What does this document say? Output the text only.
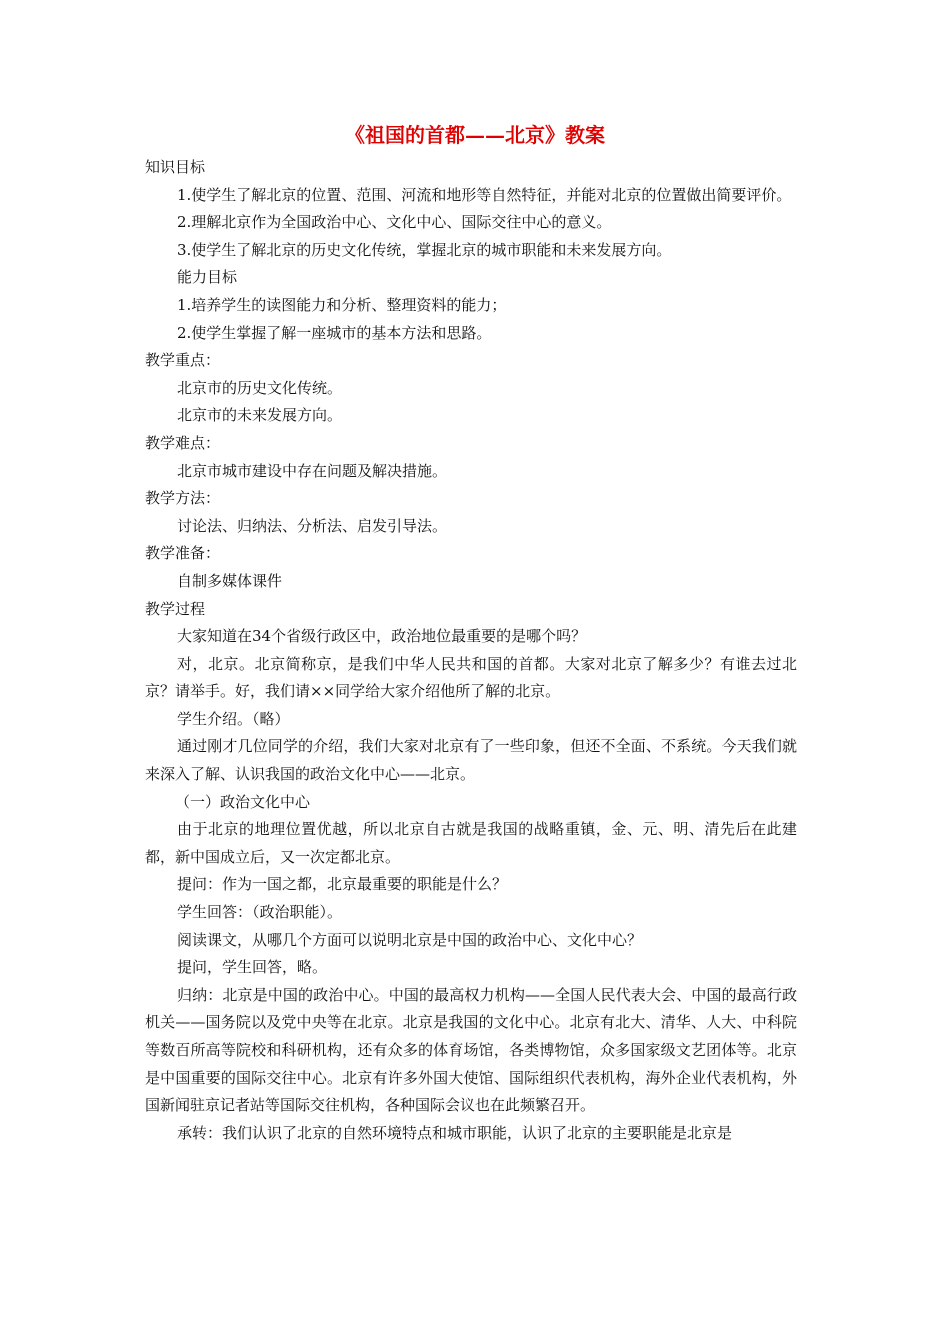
《祖国的首都——北京》教案

知识目标

1.使学生了解北京的位置、范围、河流和地形等自然特征，并能对北京的位置做出简要评价。

2.理解北京作为全国政治中心、文化中心、国际交往中心的意义。

3.使学生了解北京的历史文化传统，掌握北京的城市职能和未来发展方向。

能力目标

1.培养学生的读图能力和分析、整理资料的能力；

2.使学生掌握了解一座城市的基本方法和思路。

教学重点：

北京市的历史文化传统。

北京市的未来发展方向。

教学难点：

北京市城市建设中存在问题及解决措施。

教学方法：

讨论法、归纳法、分析法、启发引导法。

教学准备：

自制多媒体课件

教学过程

大家知道在34个省级行政区中，政治地位最重要的是哪个吗？

对，北京。北京简称京，是我们中华人民共和国的首都。大家对北京了解多少？有谁去过北京？请举手。好，我们请××同学给大家介绍他所了解的北京。

学生介绍。（略）

通过刚才几位同学的介绍，我们大家对北京有了一些印象，但还不全面、不系统。今天我们就来深入了解、认识我国的政治文化中心——北京。

（一）政治文化中心

由于北京的地理位置优越，所以北京自古就是我国的战略重镇，金、元、明、清先后在此建都，新中国成立后，又一次定都北京。

提问：作为一国之都，北京最重要的职能是什么？

学生回答：（政治职能）。

阅读课文，从哪几个方面可以说明北京是中国的政治中心、文化中心？

提问，学生回答，略。

归纳：北京是中国的政治中心。中国的最高权力机构——全国人民代表大会、中国的最高行政机关——国务院以及党中央等在北京。北京是我国的文化中心。北京有北大、清华、人大、中科院等数百所高等院校和科研机构，还有众多的体育场馆，各类博物馆，众多国家级文艺团体等。北京是中国重要的国际交往中心。北京有许多外国大使馆、国际组织代表机构，海外企业代表机构，外国新闻驻京记者站等国际交往机构，各种国际会议也在此频繁召开。

承转：我们认识了北京的自然环境特点和城市职能，认识了北京的主要职能是北京是
